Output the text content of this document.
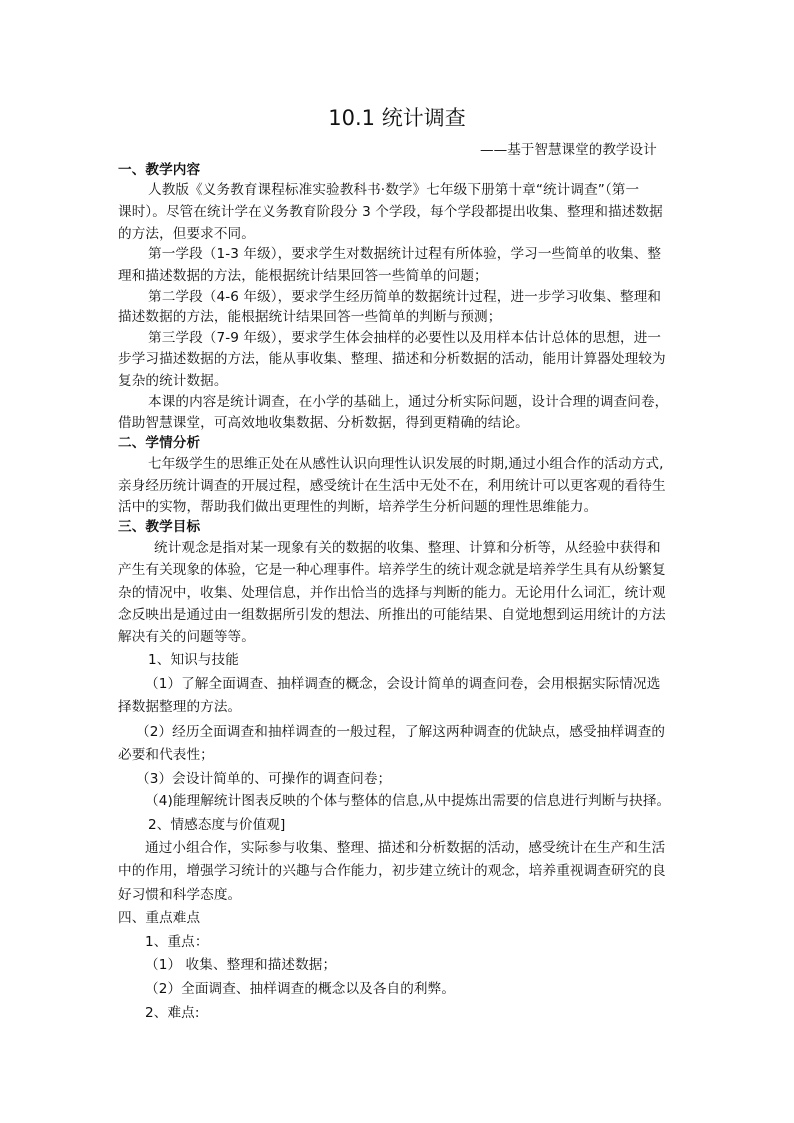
10.1 统计调查
——基于智慧课堂的教学设计
一、教学内容
人教版《义务教育课程标准实验教科书·数学》七年级下册第十章“统计调查”（第一
课时）。尽管在统计学在义务教育阶段分 3 个学段，每个学段都提出收集、整理和描述数据
的方法，但要求不同。
第一学段（1-3 年级），要求学生对数据统计过程有所体验，学习一些简单的收集、整
理和描述数据的方法，能根据统计结果回答一些简单的问题；
第二学段（4-6 年级），要求学生经历简单的数据统计过程，进一步学习收集、整理和
描述数据的方法，能根据统计结果回答一些简单的判断与预测；
第三学段（7-9 年级），要求学生体会抽样的必要性以及用样本估计总体的思想，进一
步学习描述数据的方法，能从事收集、整理、描述和分析数据的活动，能用计算器处理较为
复杂的统计数据。
本课的内容是统计调查，在小学的基础上，通过分析实际问题，设计合理的调查问卷，
借助智慧课堂，可高效地收集数据、分析数据，得到更精确的结论。
二、学情分析
七年级学生的思维正处在从感性认识向理性认识发展的时期,通过小组合作的活动方式,
亲身经历统计调查的开展过程，感受统计在生活中无处不在，利用统计可以更客观的看待生
活中的实物，帮助我们做出更理性的判断，培养学生分析问题的理性思维能力。
三、教学目标
统计观念是指对某一现象有关的数据的收集、整理、计算和分析等，从经验中获得和
产生有关现象的体验，它是一种心理事件。培养学生的统计观念就是培养学生具有从纷繁复
杂的情况中，收集、处理信息，并作出恰当的选择与判断的能力。无论用什么词汇，统计观
念反映出是通过由一组数据所引发的想法、所推出的可能结果、自觉地想到运用统计的方法
解决有关的问题等等。
1、知识与技能
（1）了解全面调查、抽样调查的概念，会设计简单的调查问卷，会用根据实际情况选
择数据整理的方法。
（2）经历全面调查和抽样调查的一般过程，了解这两种调查的优缺点，感受抽样调查的
必要和代表性；
（3）会设计简单的、可操作的调查问卷；
（4)能理解统计图表反映的个体与整体的信息,从中提炼出需要的信息进行判断与抉择。
2、情感态度与价值观]
通过小组合作，实际参与收集、整理、描述和分析数据的活动，感受统计在生产和生活
中的作用，增强学习统计的兴趣与合作能力，初步建立统计的观念，培养重视调查研究的良
好习惯和科学态度。
四、重点难点
1、重点：
（1） 收集、整理和描述数据；
（2）全面调查、抽样调查的概念以及各自的利弊。
2、难点:
